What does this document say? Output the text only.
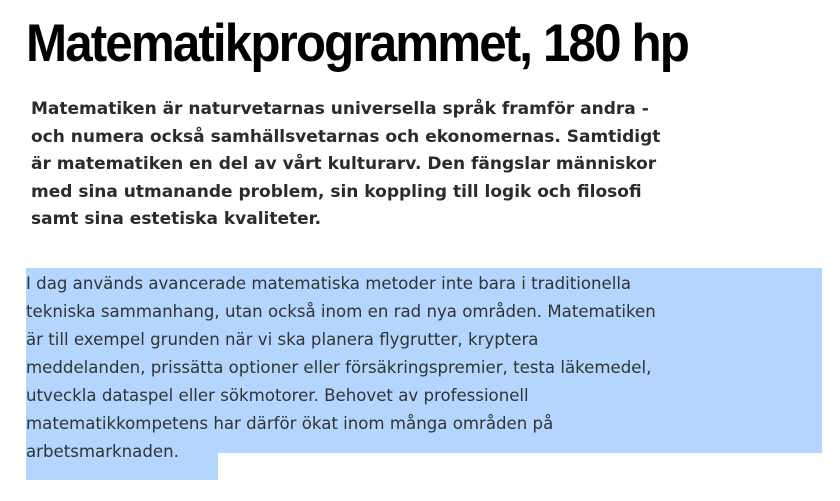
Matematikprogrammet, 180 hp
Matematiken är naturvetarnas universella språk framför andra -
och numera också samhällsvetarnas och ekonomernas. Samtidigt
är matematiken en del av vårt kulturarv. Den fängslar människor
med sina utmanande problem, sin koppling till logik och filosofi
samt sina estetiska kvaliteter.
I dag används avancerade matematiska metoder inte bara i traditionella
tekniska sammanhang, utan också inom en rad nya områden. Matematiken
är till exempel grunden när vi ska planera flygrutter, kryptera
meddelanden, prissätta optioner eller försäkringspremier, testa läkemedel,
utveckla dataspel eller sökmotorer. Behovet av professionell
matematikkompetens har därför ökat inom många områden på
arbetsmarknaden.
